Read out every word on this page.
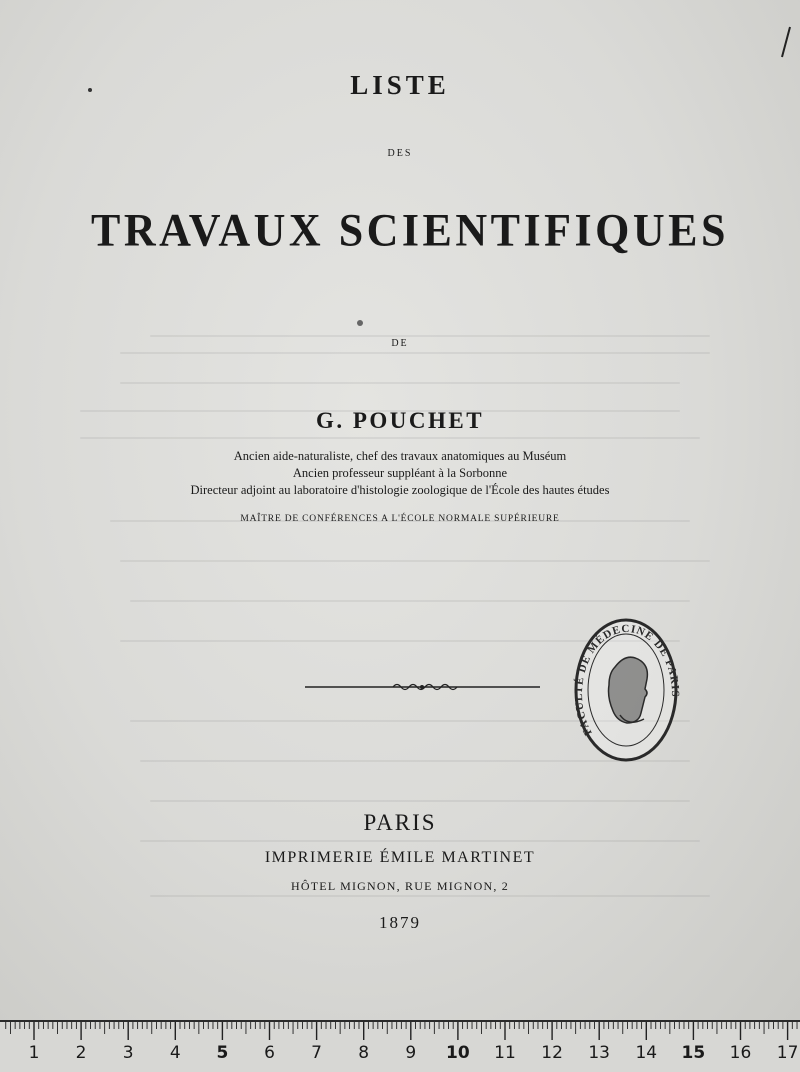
LISTE
DES
TRAVAUX SCIENTIFIQUES
DE
G. POUCHET
Ancien aide-naturaliste, chef des travaux anatomiques au Muséum
Ancien professeur suppléant à la Sorbonne
Directeur adjoint au laboratoire d'histologie zoologique de l'École des hautes études
MAÎTRE DE CONFÉRENCES A L'ÉCOLE NORMALE SUPÉRIEURE
FACULTÉ DE MÉDECINE DE PARIS
PARIS
IMPRIMERIE ÉMILE MARTINET
HÔTEL MIGNON, RUE MIGNON, 2
1879
1 2 3 4 5 6 7 8 9 10 11 12 13 14 15 16 17
